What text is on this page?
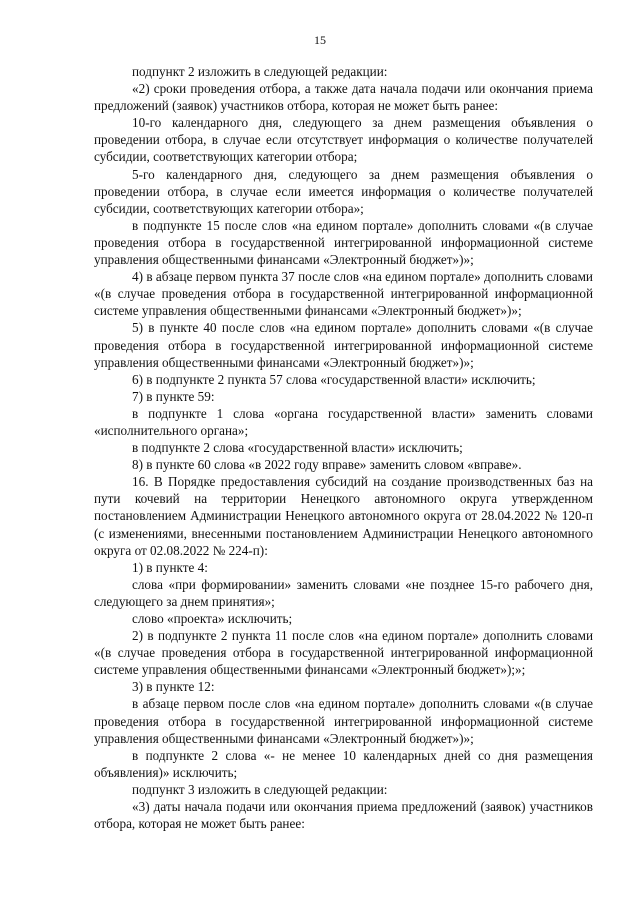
15

подпункт 2 изложить в следующей редакции:

«2) сроки проведения отбора, а также дата начала подачи или окончания приема предложений (заявок) участников отбора, которая не может быть ранее:

10-го календарного дня, следующего за днем размещения объявления о проведении отбора, в случае если отсутствует информация о количестве получателей субсидии, соответствующих категории отбора;

5-го календарного дня, следующего за днем размещения объявления о проведении отбора, в случае если имеется информация о количестве получателей субсидии, соответствующих категории отбора»;

в подпункте 15 после слов «на едином портале» дополнить словами «(в случае проведения отбора в государственной интегрированной информационной системе управления общественными финансами «Электронный бюджет»)»;

4) в абзаце первом пункта 37 после слов «на едином портале» дополнить словами «(в случае проведения отбора в государственной интегрированной информационной системе управления общественными финансами «Электронный бюджет»)»;

5) в пункте 40 после слов «на едином портале» дополнить словами «(в случае проведения отбора в государственной интегрированной информационной системе управления общественными финансами «Электронный бюджет»)»;

6) в подпункте 2 пункта 57 слова «государственной власти» исключить;

7) в пункте 59:

в подпункте 1 слова «органа государственной власти» заменить словами «исполнительного органа»;

в подпункте 2 слова «государственной власти» исключить;

8) в пункте 60 слова «в 2022 году вправе» заменить словом «вправе».

16. В Порядке предоставления субсидий на создание производственных баз на пути кочевий на территории Ненецкого автономного округа утвержденном постановлением Администрации Ненецкого автономного округа от 28.04.2022 № 120-п (с изменениями, внесенными постановлением Администрации Ненецкого автономного округа от 02.08.2022 № 224-п):

1) в пункте 4:

слова «при формировании» заменить словами «не позднее 15-го рабочего дня, следующего за днем принятия»;

слово «проекта» исключить;

2) в подпункте 2 пункта 11 после слов «на едином портале» дополнить словами «(в случае проведения отбора в государственной интегрированной информационной системе управления общественными финансами «Электронный бюджет»);»;

3) в пункте 12:

в абзаце первом после слов «на едином портале» дополнить словами «(в случае проведения отбора в государственной интегрированной информационной системе управления общественными финансами «Электронный бюджет»)»;

в подпункте 2 слова «- не менее 10 календарных дней со дня размещения объявления)» исключить;

подпункт 3 изложить в следующей редакции:

«3) даты начала подачи или окончания приема предложений (заявок) участников отбора, которая не может быть ранее:
